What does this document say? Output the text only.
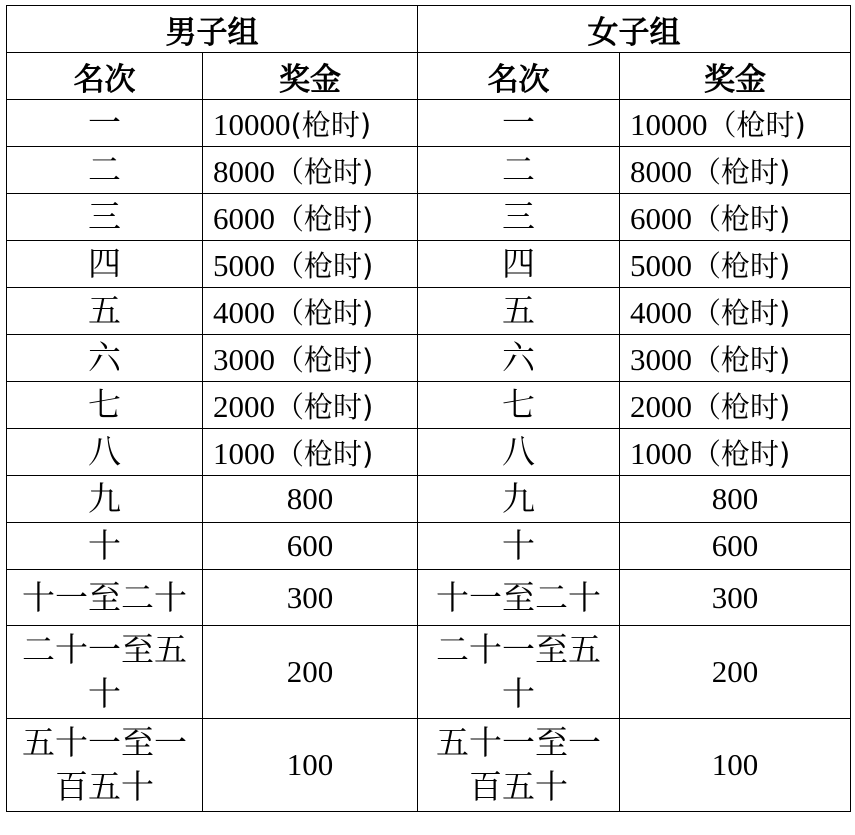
男子组		女子组	
名次	奖金	名次	奖金
一	10000(枪时)	一	10000（枪时)
二	8000（枪时)	二	8000（枪时)
三	6000（枪时)	三	6000（枪时)
四	5000（枪时)	四	5000（枪时)
五	4000（枪时)	五	4000（枪时)
六	3000（枪时)	六	3000（枪时)
七	2000（枪时)	七	2000（枪时)
八	1000（枪时)	八	1000（枪时)
九	800	九	800
十	600	十	600
十一至二十	300	十一至二十	300
二十一至五十	200	二十一至五十	200
五十一至一百五十	100	五十一至一百五十	100
